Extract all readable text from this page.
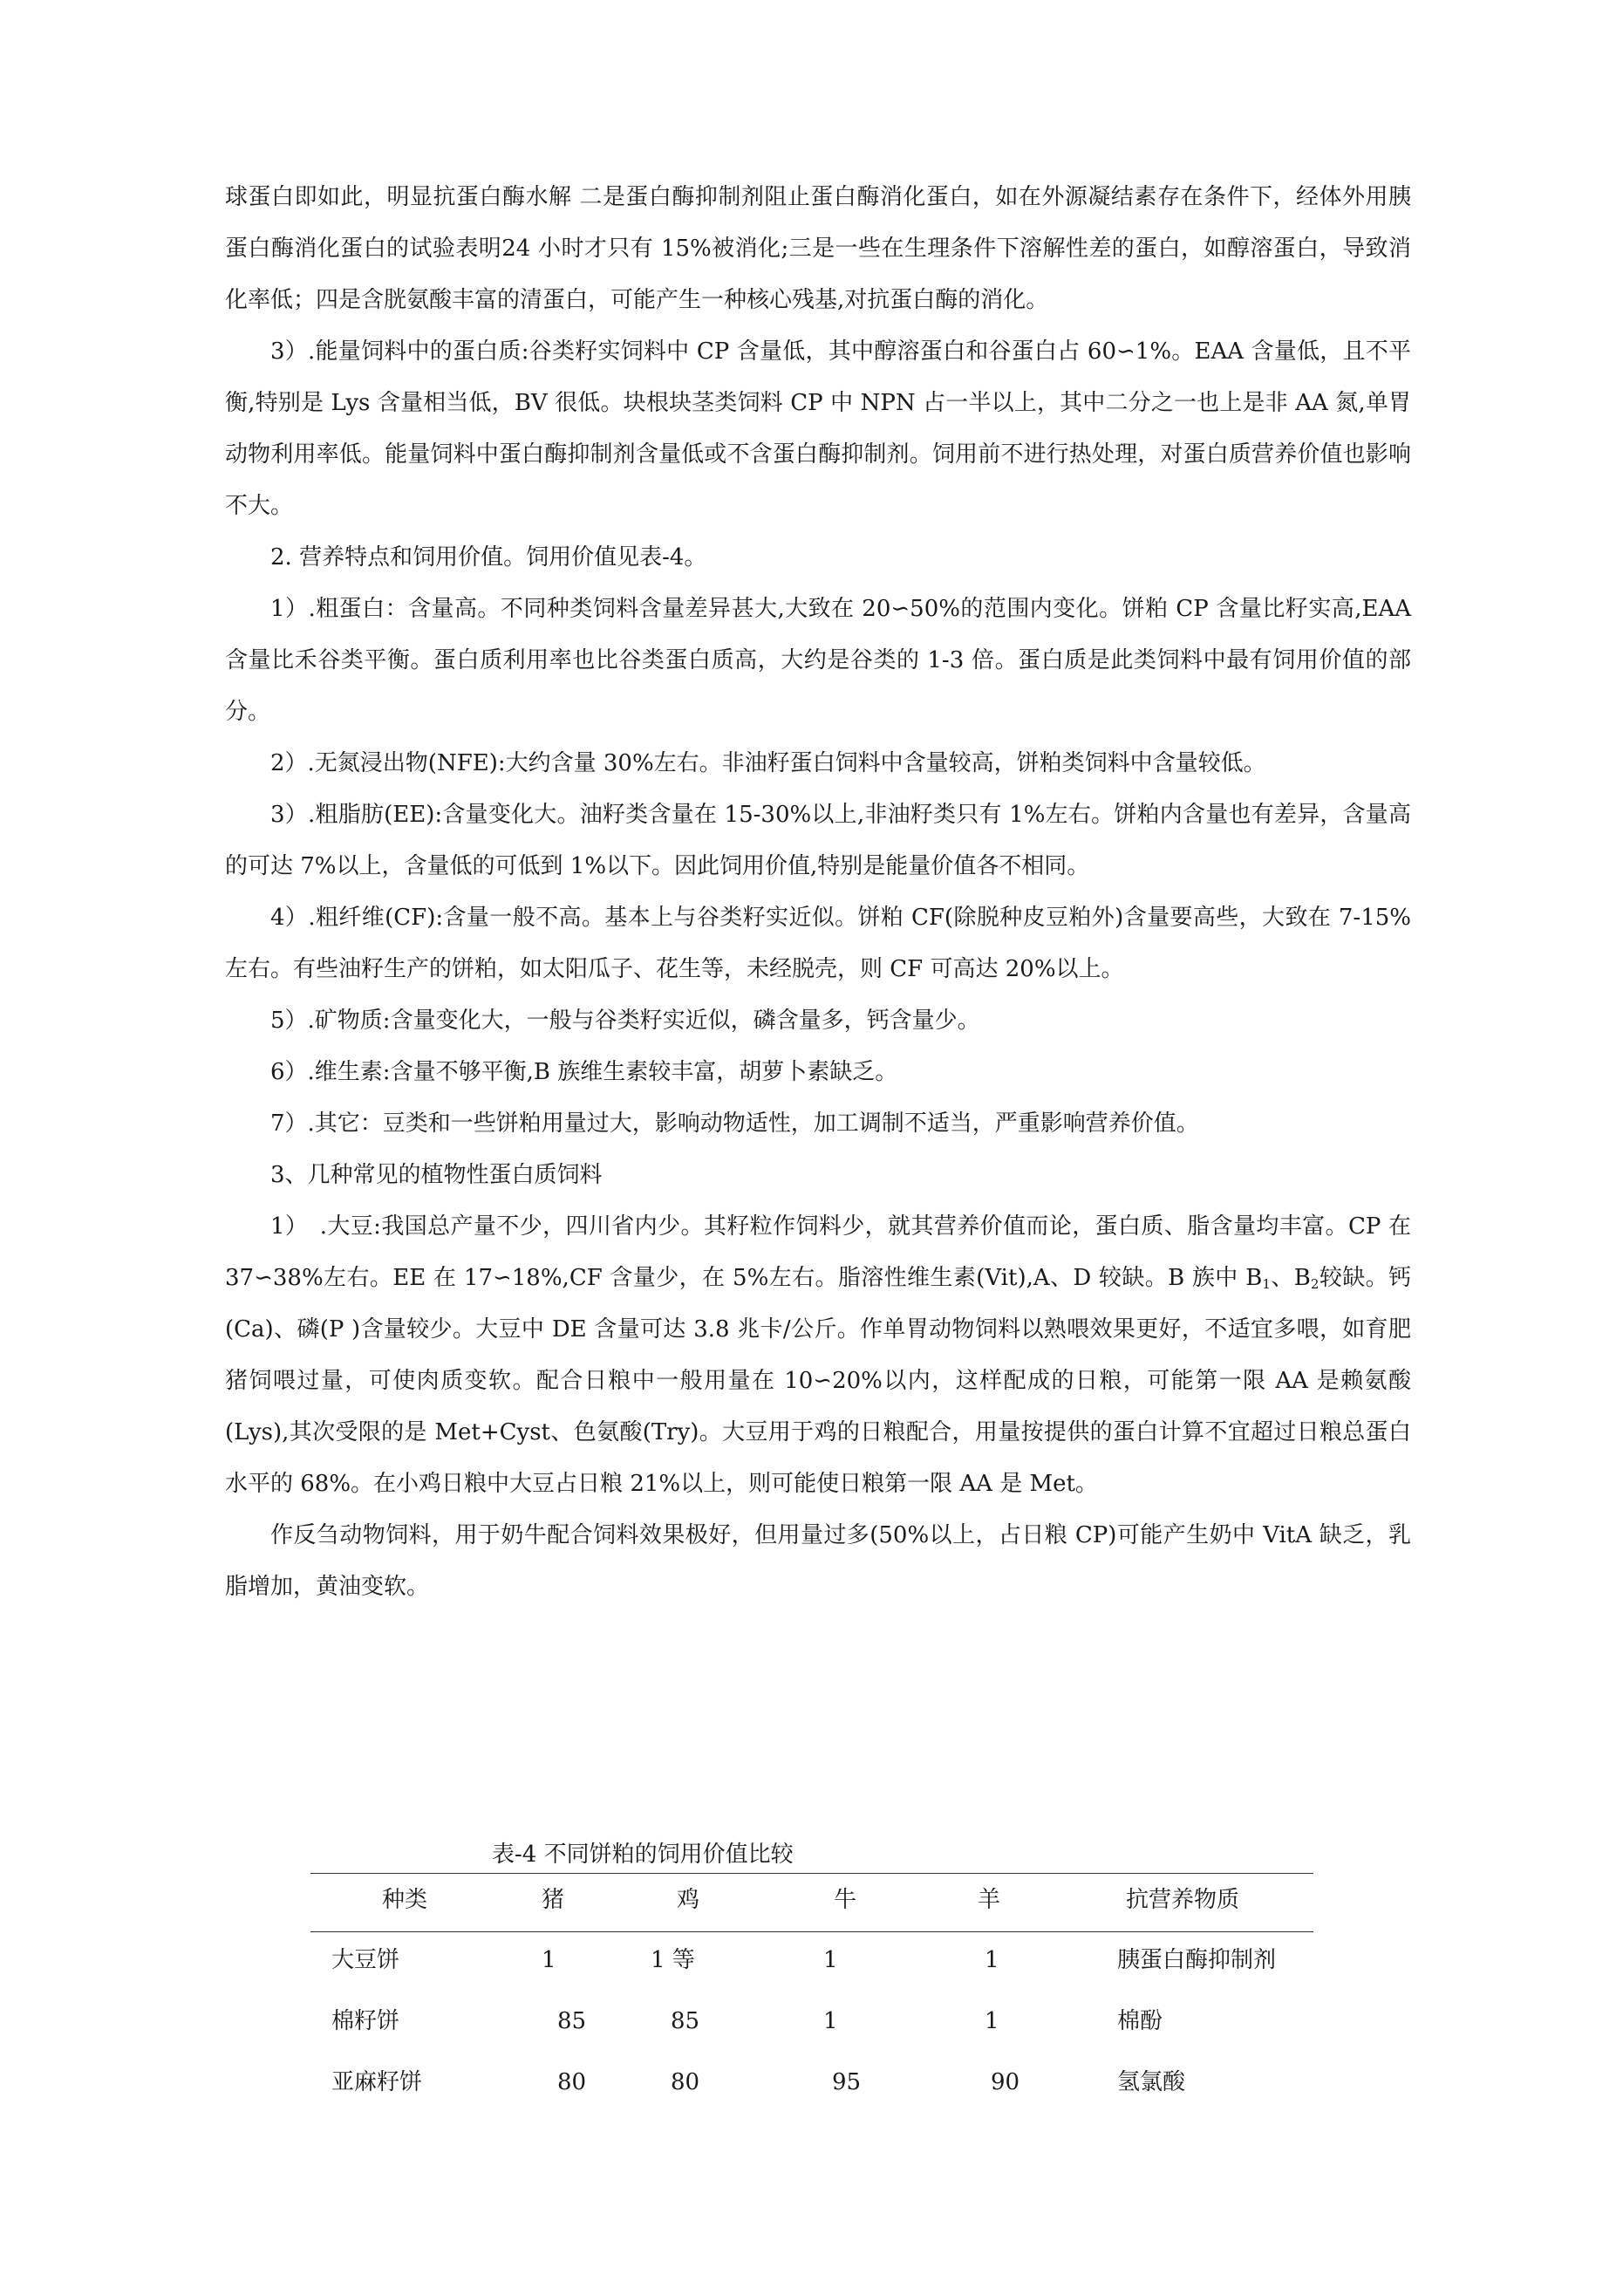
球蛋白即如此，明显抗蛋白酶水解 二是蛋白酶抑制剂阻止蛋白酶消化蛋白，如在外源凝结素存在条件下，经体外用胰蛋白酶消化蛋白的试验表明24 小时才只有 15%被消化;三是一些在生理条件下溶解性差的蛋白，如醇溶蛋白，导致消化率低；四是含胱氨酸丰富的清蛋白，可能产生一种核心残基,对抗蛋白酶的消化。

3）.能量饲料中的蛋白质:谷类籽实饲料中 CP 含量低，其中醇溶蛋白和谷蛋白占 60∽1%。EAA 含量低，且不平衡,特别是 Lys 含量相当低，BV 很低。块根块茎类饲料 CP 中 NPN 占一半以上，其中二分之一也上是非 AA 氮,单胃动物利用率低。能量饲料中蛋白酶抑制剂含量低或不含蛋白酶抑制剂。饲用前不进行热处理，对蛋白质营养价值也影响不大。

2. 营养特点和饲用价值。饲用价值见表-4。

1）.粗蛋白：含量高。不同种类饲料含量差异甚大,大致在 20∽50%的范围内变化。饼粕 CP 含量比籽实高,EAA 含量比禾谷类平衡。蛋白质利用率也比谷类蛋白质高，大约是谷类的 1-3 倍。蛋白质是此类饲料中最有饲用价值的部分。

2）.无氮浸出物(NFE):大约含量 30%左右。非油籽蛋白饲料中含量较高，饼粕类饲料中含量较低。

3）.粗脂肪(EE):含量变化大。油籽类含量在 15-30%以上,非油籽类只有 1%左右。饼粕内含量也有差异，含量高的可达 7%以上，含量低的可低到 1%以下。因此饲用价值,特别是能量价值各不相同。

4）.粗纤维(CF):含量一般不高。基本上与谷类籽实近似。饼粕 CF(除脱种皮豆粕外)含量要高些，大致在 7-15%左右。有些油籽生产的饼粕，如太阳瓜子、花生等，未经脱壳，则 CF 可高达 20%以上。

5）.矿物质:含量变化大，一般与谷类籽实近似，磷含量多，钙含量少。

6）.维生素:含量不够平衡,B 族维生素较丰富，胡萝卜素缺乏。

7）.其它：豆类和一些饼粕用量过大，影响动物适性，加工调制不适当，严重影响营养价值。

3、几种常见的植物性蛋白质饲料

1）　.大豆:我国总产量不少，四川省内少。其籽粒作饲料少，就其营养价值而论，蛋白质、脂含量均丰富。CP 在 37∽38%左右。EE 在 17∽18%,CF 含量少，在 5%左右。脂溶性维生素(Vit),A、D 较缺。B 族中 $B_1$、$B_2$较缺。钙(Ca)、磷(P )含量较少。大豆中 DE 含量可达 3.8 兆卡/公斤。作单胃动物饲料以熟喂效果更好，不适宜多喂，如育肥猪饲喂过量，可使肉质变软。配合日粮中一般用量在 10∽20%以内，这样配成的日粮，可能第一限 AA 是赖氨酸(Lys),其次受限的是 Met+Cyst、色氨酸(Try)。大豆用于鸡的日粮配合，用量按提供的蛋白计算不宜超过日粮总蛋白水平的 68%。在小鸡日粮中大豆占日粮 21%以上，则可能使日粮第一限 AA 是 Met。

作反刍动物饲料，用于奶牛配合饲料效果极好，但用量过多(50%以上，占日粮 CP)可能产生奶中 VitA 缺乏，乳脂增加，黄油变软。

表-4 不同饼粕的饲用价值比较
种类	猪	鸡	牛	羊	抗营养物质
大豆饼	1	1 等	1	1	胰蛋白酶抑制剂
棉籽饼	85	85	1	1	棉酚
亚麻籽饼	80	80	95	90	氢氯酸
